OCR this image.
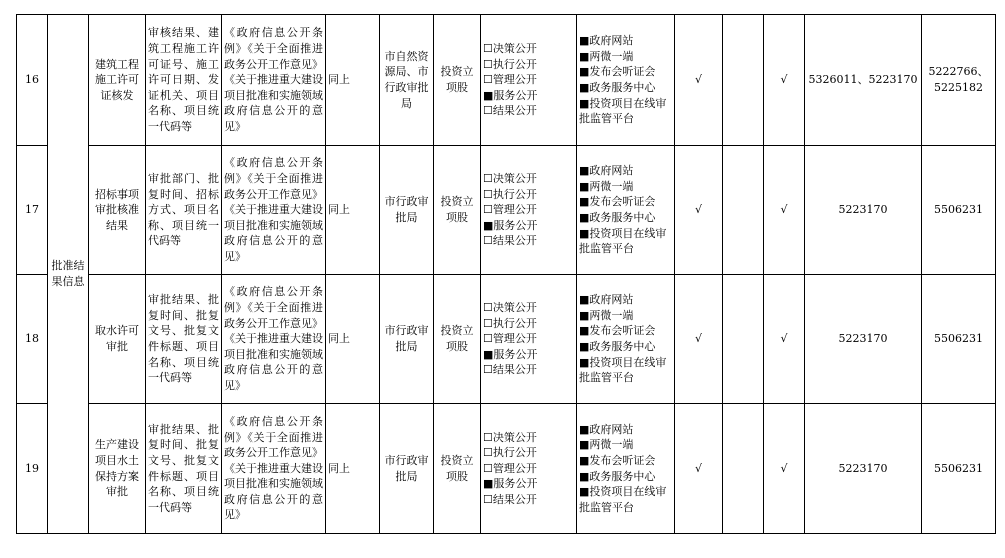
16	批准结果信息	建筑工程施工许可证核发	审核结果、建筑工程施工许可证号、施工许可日期、发证机关、项目名称、项目统一代码等	《政府信息公开条例》《关于全面推进政务公开工作意见》《关于推进重大建设项目批准和实施领域政府信息公开的意见》	同上	市自然资源局、市行政审批局	投资立项股	☐决策公开
☐执行公开
☐管理公开
■服务公开
☐结果公开	■政府网站
■两微一端
■发布会听证会
■政务服务中心
■投资项目在线审批监管平台	√		√	5326011、5223170	5222766、5225182
17		招标事项审批核准结果	审批部门、批复时间、招标方式、项目名称、项目统一代码等	《政府信息公开条例》《关于全面推进政务公开工作意见》《关于推进重大建设项目批准和实施领域政府信息公开的意见》	同上	市行政审批局	投资立项股	☐决策公开
☐执行公开
☐管理公开
■服务公开
☐结果公开	■政府网站
■两微一端
■发布会听证会
■政务服务中心
■投资项目在线审批监管平台	√		√	5223170	5506231
18		取水许可审批	审批结果、批复时间、批复文号、批复文件标题、项目名称、项目统一代码等	《政府信息公开条例》《关于全面推进政务公开工作意见》《关于推进重大建设项目批准和实施领域政府信息公开的意见》	同上	市行政审批局	投资立项股	☐决策公开
☐执行公开
☐管理公开
■服务公开
☐结果公开	■政府网站
■两微一端
■发布会听证会
■政务服务中心
■投资项目在线审批监管平台	√		√	5223170	5506231
19		生产建设项目水土保持方案审批	审批结果、批复时间、批复文号、批复文件标题、项目名称、项目统一代码等	《政府信息公开条例》《关于全面推进政务公开工作意见》《关于推进重大建设项目批准和实施领域政府信息公开的意见》	同上	市行政审批局	投资立项股	☐决策公开
☐执行公开
☐管理公开
■服务公开
☐结果公开	■政府网站
■两微一端
■发布会听证会
■政务服务中心
■投资项目在线审批监管平台	√		√	5223170	5506231
